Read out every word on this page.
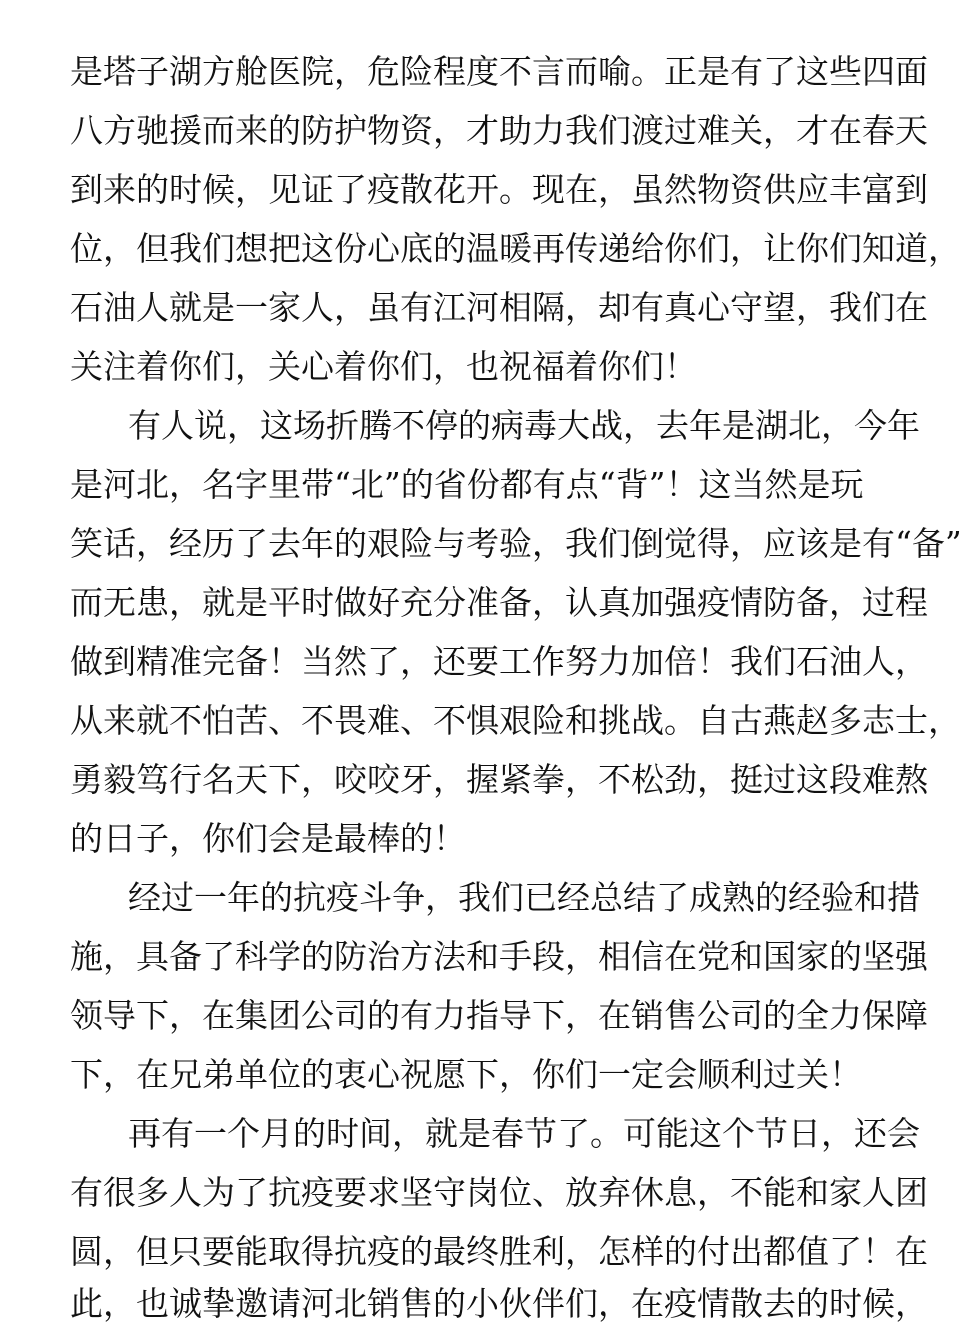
是塔子湖方舱医院，危险程度不言而喻。正是有了这些四面
八方驰援而来的防护物资，才助力我们渡过难关，才在春天
到来的时候，见证了疫散花开。现在，虽然物资供应丰富到
位，但我们想把这份心底的温暖再传递给你们，让你们知道，
石油人就是一家人，虽有江河相隔，却有真心守望，我们在
关注着你们，关心着你们，也祝福着你们！
有人说，这场折腾不停的病毒大战，去年是湖北，今年
是河北，名字里带“北”的省份都有点“背”！这当然是玩
笑话，经历了去年的艰险与考验，我们倒觉得，应该是有“备”
而无患，就是平时做好充分准备，认真加强疫情防备，过程
做到精准完备！当然了，还要工作努力加倍！我们石油人，
从来就不怕苦、不畏难、不惧艰险和挑战。自古燕赵多志士，
勇毅笃行名天下，咬咬牙，握紧拳，不松劲，挺过这段难熬
的日子，你们会是最棒的！
经过一年的抗疫斗争，我们已经总结了成熟的经验和措
施，具备了科学的防治方法和手段，相信在党和国家的坚强
领导下，在集团公司的有力指导下，在销售公司的全力保障
下，在兄弟单位的衷心祝愿下，你们一定会顺利过关！
再有一个月的时间，就是春节了。可能这个节日，还会
有很多人为了抗疫要求坚守岗位、放弃休息，不能和家人团
圆，但只要能取得抗疫的最终胜利，怎样的付出都值了！在
此，也诚挚邀请河北销售的小伙伴们，在疫情散去的时候，
